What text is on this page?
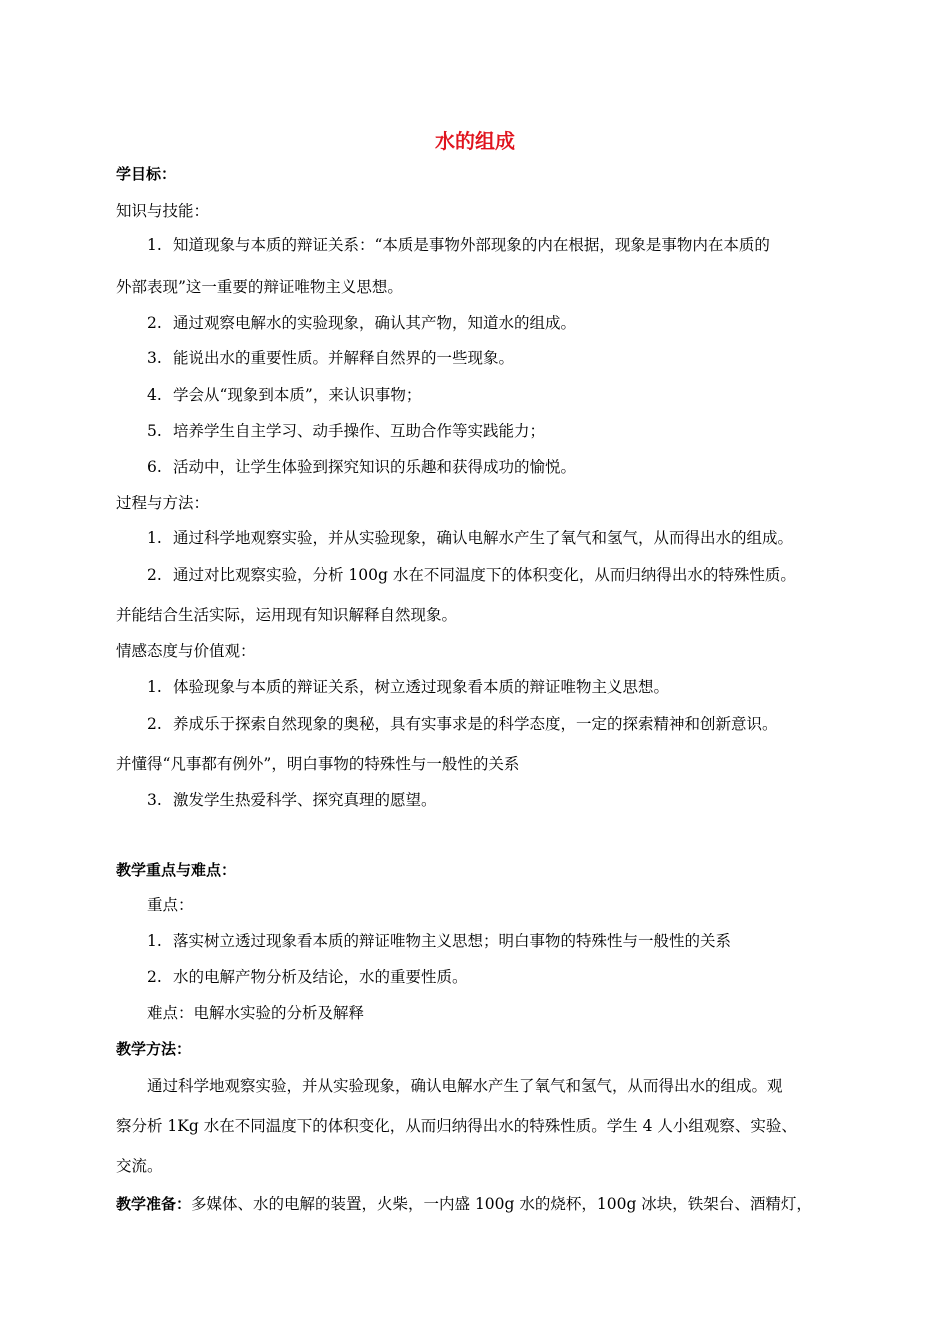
水的组成
学目标：
知识与技能：
1. 知道现象与本质的辩证关系：“本质是事物外部现象的内在根据，现象是事物内在本质的
外部表现”这一重要的辩证唯物主义思想。
2. 通过观察电解水的实验现象，确认其产物，知道水的组成。
3. 能说出水的重要性质。并解释自然界的一些现象。
4. 学会从“现象到本质”，来认识事物；
5. 培养学生自主学习、动手操作、互助合作等实践能力；
6. 活动中，让学生体验到探究知识的乐趣和获得成功的愉悦。
过程与方法：
1. 通过科学地观察实验，并从实验现象，确认电解水产生了氧气和氢气，从而得出水的组成。
2. 通过对比观察实验，分析 100g 水在不同温度下的体积变化，从而归纳得出水的特殊性质。
并能结合生活实际，运用现有知识解释自然现象。
情感态度与价值观：
1. 体验现象与本质的辩证关系，树立透过现象看本质的辩证唯物主义思想。
2. 养成乐于探索自然现象的奥秘，具有实事求是的科学态度，一定的探索精神和创新意识。
并懂得“凡事都有例外”，明白事物的特殊性与一般性的关系
3. 激发学生热爱科学、探究真理的愿望。
教学重点与难点：
重点：
1. 落实树立透过现象看本质的辩证唯物主义思想；明白事物的特殊性与一般性的关系
2. 水的电解产物分析及结论，水的重要性质。
难点：电解水实验的分析及解释
教学方法：
通过科学地观察实验，并从实验现象，确认电解水产生了氧气和氢气，从而得出水的组成。观
察分析 1Kg 水在不同温度下的体积变化，从而归纳得出水的特殊性质。学生 4 人小组观察、实验、
交流。
教学准备：多媒体、水的电解的装置，火柴，一内盛 100g 水的烧杯，100g 冰块，铁架台、酒精灯，
